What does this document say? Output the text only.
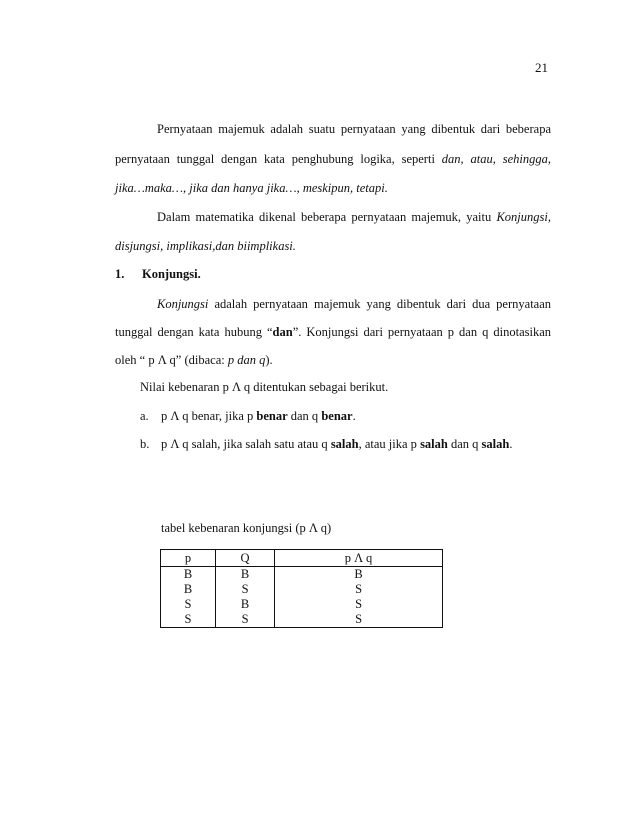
21
Pernyataan majemuk adalah suatu pernyataan yang dibentuk dari beberapa
pernyataan tunggal dengan kata penghubung logika, seperti dan, atau, sehingga,
jika…maka…, jika dan hanya jika…, meskipun, tetapi.
Dalam matematika dikenal beberapa pernyataan majemuk, yaitu Konjungsi,
disjungsi, implikasi,dan biimplikasi.
1. Konjungsi.
Konjungsi adalah pernyataan majemuk yang dibentuk dari dua pernyataan
tunggal dengan kata hubung “dan”. Konjungsi dari pernyataan p dan q dinotasikan
oleh “ p Λ q” (dibaca: p dan q).
Nilai kebenaran p Λ q ditentukan sebagai berikut.
a. p Λ q benar, jika p benar dan q benar.
b. p Λ q salah, jika salah satu atau q salah, atau jika p salah dan q salah.
tabel kebenaran konjungsi (p Λ q)
p	Q	p Λ q
B	B	B
B	S	S
S	B	S
S	S	S
